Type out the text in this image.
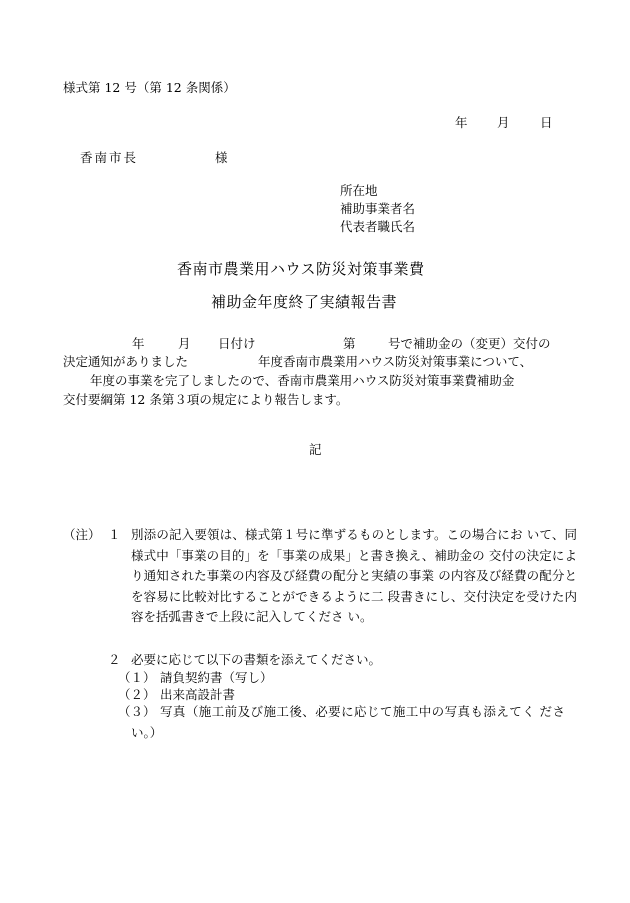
様式第 12 号（第 12 条関係）
年 月 日
香南市長	様
所在地
補助事業者名
代表者職氏名
香南市農業用ハウス防災対策事業費
補助金年度終了実績報告書
年	月 日付け	第	号で補助金の（変更）交付の
決定通知がありました	年度香南市農業用ハウス防災対策事業について、
年度の事業を完了しましたので、香南市農業用ハウス防災対策事業費補助金
交付要綱第 12 条第３項の規定により報告します。
記
（注） １ 別添の記入要領は、様式第１号に準ずるものとします。この場合にお いて、同様式中「事業の目的」を「事業の成果」と書き換え、補助金の 交付の決定により通知された事業の内容及び経費の配分と実績の事業 の内容及び経費の配分とを容易に比較対比することができるように二 段書きにし、交付決定を受けた内容を括弧書きで上段に記入してくださ い。
２ 必要に応じて以下の書類を添えてください。
（１） 請負契約書（写し）
（２） 出来高設計書
（３） 写真（施工前及び施工後、必要に応じて施工中の写真も添えてく ださい。）
